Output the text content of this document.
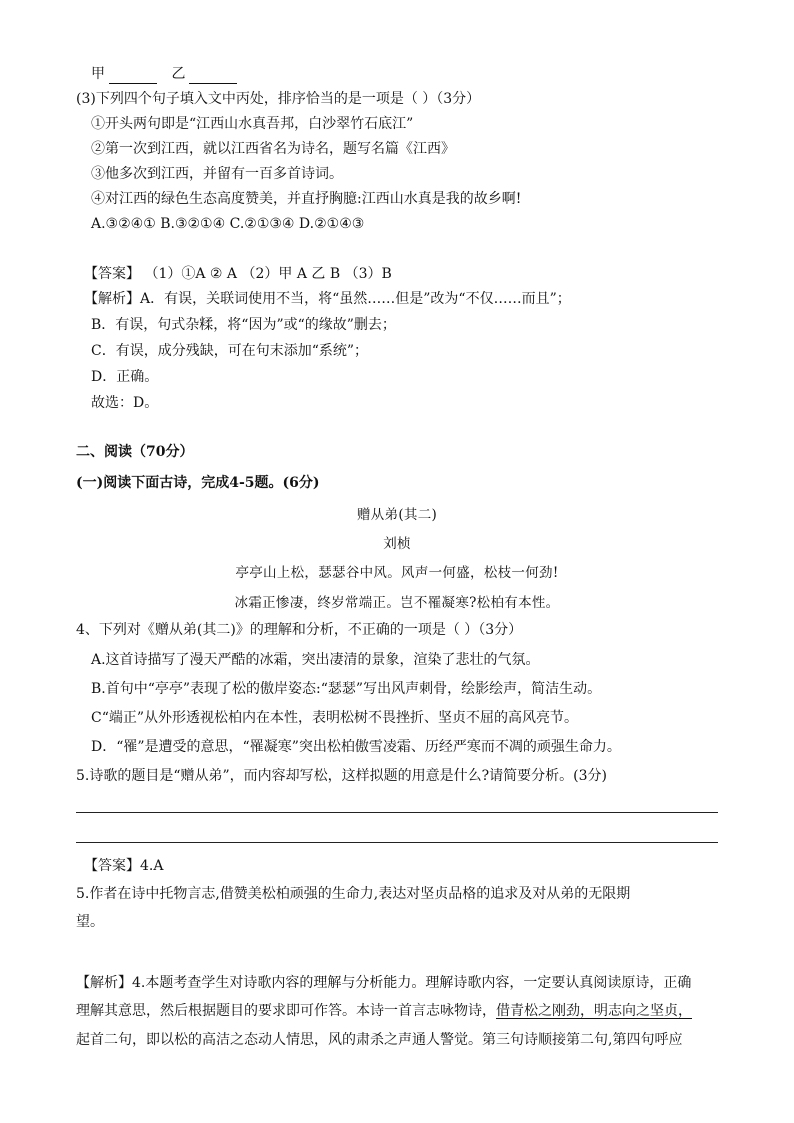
甲	乙
(3)下列四个句子填入文中丙处，排序恰当的是一项是（ ）（3分）
①开头两句即是“江西山水真吾邦，白沙翠竹石底江”
②第一次到江西，就以江西省名为诗名，题写名篇《江西》
③他多次到江西，并留有一百多首诗词。
④对江西的绿色生态高度赞美，并直抒胸臆:江西山水真是我的故乡啊!
A.③②④① B.③②①④ C.②①③④ D.②①④③
【答案】 （1）①A ② A （2）甲 A 乙 B （3）B
【解析】A．有误，关联词使用不当，将“虽然……但是”改为“不仅……而且”；
B．有误，句式杂糅，将“因为”或“的缘故”删去；
C．有误，成分残缺，可在句末添加“系统”；
D．正确。
故选：D。
二、阅读（70分）
(一)阅读下面古诗，完成4-5题。(6分)
赠从弟(其二)
刘桢
亭亭山上松，瑟瑟谷中风。风声一何盛，松枝一何劲!
冰霜正惨凄，终岁常端正。岂不罹凝寒?松柏有本性。
4、下列对《赠从弟(其二)》的理解和分析，不正确的一项是（ ）（3分）
A.这首诗描写了漫天严酷的冰霜，突出凄清的景象，渲染了悲壮的气氛。
B.首句中“亭亭”表现了松的傲岸姿态:“瑟瑟”写出风声刺骨，绘影绘声，简洁生动。
C“端正”从外形透视松柏内在本性，表明松树不畏挫折、坚贞不屈的高风亮节。
D．“罹”是遭受的意思，“罹凝寒”突出松柏傲雪凌霜、历经严寒而不凋的顽强生命力。
5.诗歌的题目是“赠从弟”，而内容却写松，这样拟题的用意是什么?请简要分析。(3分)
【答案】4.A
5.作者在诗中托物言志,借赞美松柏顽强的生命力,表达对坚贞品格的追求及对从弟的无限期
望。
【解析】4.本题考查学生对诗歌内容的理解与分析能力。理解诗歌内容，一定要认真阅读原诗，正确
理解其意思，然后根据题目的要求即可作答。本诗一首言志咏物诗，借青松之刚劲，明志向之坚贞，
起首二句，即以松的高洁之态动人情思，风的肃杀之声通人警觉。第三句诗顺接第二句,第四句呼应
